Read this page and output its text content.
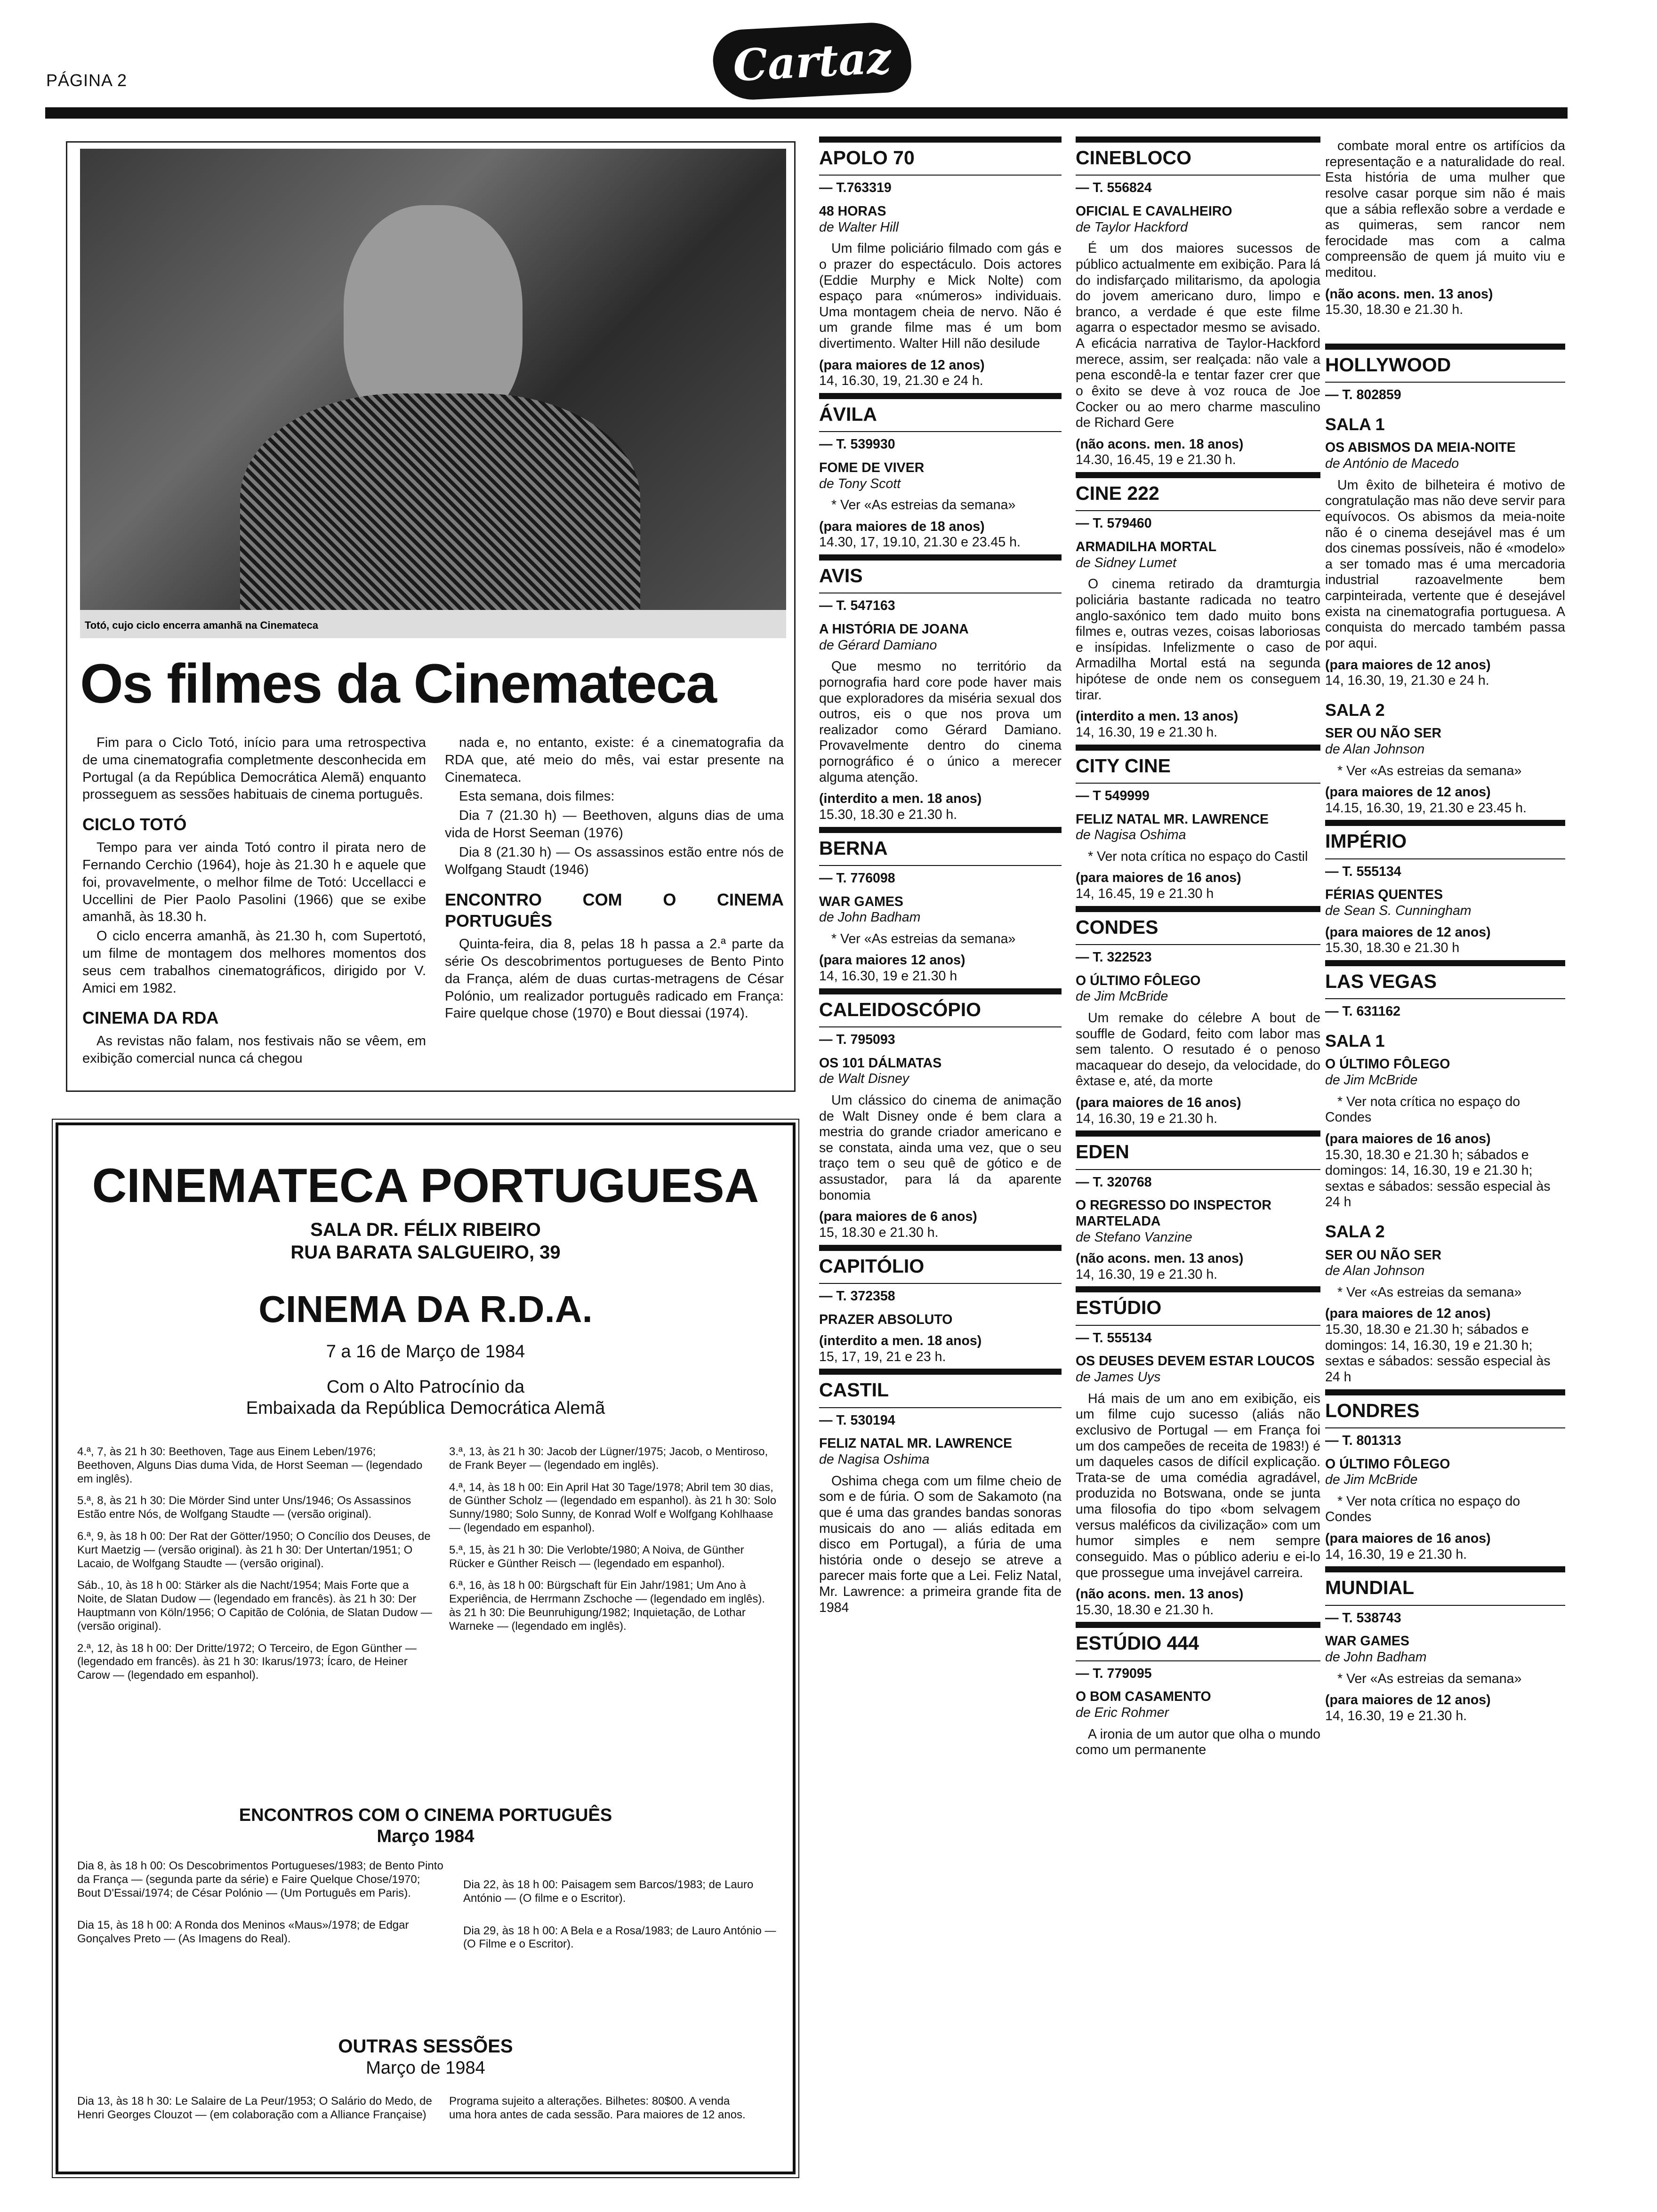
PÁGINA 2	Cartaz
Totó, cujo ciclo encerra amanhã na Cinemateca
Os filmes da Cinemateca
Fim para o Ciclo Totó, início para uma retrospectiva de uma cinematografia completmente desconhecida em Portugal (a da República Democrática Alemã) enquanto prosseguem as sessões habituais de cinema português.
CICLO TOTÓ
Tempo para ver ainda Totó contro il pirata nero de Fernando Cerchio (1964), hoje às 21.30 h e aquele que foi, provavelmente, o melhor filme de Totó: Uccellacci e Uccellini de Pier Paolo Pasolini (1966) que se exibe amanhã, às 18.30 h.
O ciclo encerra amanhã, às 21.30 h, com Supertotó, um filme de montagem dos melhores momentos dos seus cem trabalhos cinematográficos, dirigido por V. Amici em 1982.
CINEMA DA RDA
As revistas não falam, nos festivais não se vêem, em exibição comercial nunca cá chegou
nada e, no entanto, existe: é a cinematografia da RDA que, até meio do mês, vai estar presente na Cinemateca.
Esta semana, dois filmes:
Dia 7 (21.30 h) — Beethoven, alguns dias de uma vida de Horst Seeman (1976)
Dia 8 (21.30 h) — Os assassinos estão entre nós de Wolfgang Staudt (1946)
ENCONTRO COM O CINEMA PORTUGUÊS
Quinta-feira, dia 8, pelas 18 h passa a 2.ª parte da série Os descobrimentos portugueses de Bento Pinto da França, além de duas curtas-metragens de César Polónio, um realizador português radicado em França: Faire quelque chose (1970) e Bout diessai (1974).
CINEMATECA PORTUGUESA
SALA DR. FÉLIX RIBEIRO
RUA BARATA SALGUEIRO, 39
CINEMA DA R.D.A.
7 a 16 de Março de 1984
Com o Alto Patrocínio da
Embaixada da República Democrática Alemã
4.ª, 7, às 21 h 30: Beethoven, Tage aus Einem Leben/1976; Beethoven, Alguns Dias duma Vida, de Horst Seeman — (legendado em inglês).
5.ª, 8, às 21 h 30: Die Mörder Sind unter Uns/1946; Os Assassinos Estão entre Nós, de Wolfgang Staudte — (versão original).
6.ª, 9, às 18 h 00: Der Rat der Götter/1950; O Concílio dos Deuses, de Kurt Maetzig — (versão original). às 21 h 30: Der Untertan/1951; O Lacaio, de Wolfgang Staudte — (versão original).
Sáb., 10, às 18 h 00: Stärker als die Nacht/1954; Mais Forte que a Noite, de Slatan Dudow — (legendado em francês). às 21 h 30: Der Hauptmann von Köln/1956; O Capitão de Colónia, de Slatan Dudow — (versão original).
2.ª, 12, às 18 h 00: Der Dritte/1972; O Terceiro, de Egon Günther — (legendado em francês). às 21 h 30: Ikarus/1973; Ícaro, de Heiner Carow — (legendado em espanhol).
3.ª, 13, às 21 h 30: Jacob der Lügner/1975; Jacob, o Mentiroso, de Frank Beyer — (legendado em inglês).
4.ª, 14, às 18 h 00: Ein April Hat 30 Tage/1978; Abril tem 30 dias, de Günther Scholz — (legendado em espanhol). às 21 h 30: Solo Sunny/1980; Solo Sunny, de Konrad Wolf e Wolfgang Kohlhaase — (legendado em espanhol).
5.ª, 15, às 21 h 30: Die Verlobte/1980; A Noiva, de Günther Rücker e Günther Reisch — (legendado em espanhol).
6.ª, 16, às 18 h 00: Bürgschaft für Ein Jahr/1981; Um Ano à Experiência, de Herrmann Zschoche — (legendado em inglês). às 21 h 30: Die Beunruhigung/1982; Inquietação, de Lothar Warneke — (legendado em inglês).
ENCONTROS COM O CINEMA PORTUGUÊS
Março 1984
Dia 8, às 18 h 00: Os Descobrimentos Portugueses/1983; de Bento Pinto da França — (segunda parte da série) e Faire Quelque Chose/1970; Bout D'Essai/1974; de César Polónio — (Um Português em Paris).
Dia 15, às 18 h 00: A Ronda dos Meninos «Maus»/1978; de Edgar Gonçalves Preto — (As Imagens do Real).
Dia 22, às 18 h 00: Paisagem sem Barcos/1983; de Lauro António — (O filme e o Escritor).
Dia 29, às 18 h 00: A Bela e a Rosa/1983; de Lauro António — (O Filme e o Escritor).
OUTRAS SESSÕES
Março de 1984
Dia 13, às 18 h 30: Le Salaire de La Peur/1953; O Salário do Medo, de Henri Georges Clouzot — (em colaboração com a Alliance Française)
Programa sujeito a alterações. Bilhetes: 80$00. A venda uma hora antes de cada sessão. Para maiores de 12 anos.
APOLO 70
— T.763319
48 HORAS
de Walter Hill
Um filme policiário filmado com gás e o prazer do espectáculo. Dois actores (Eddie Murphy e Mick Nolte) com espaço para «números» individuais. Uma montagem cheia de nervo. Não é um grande filme mas é um bom divertimento. Walter Hill não desilude
(para maiores de 12 anos)
14, 16.30, 19, 21.30 e 24 h.
ÁVILA
— T. 539930
FOME DE VIVER
de Tony Scott
* Ver «As estreias da semana»
(para maiores de 18 anos)
14.30, 17, 19.10, 21.30 e 23.45 h.
AVIS
— T. 547163
A HISTÓRIA DE JOANA
de Gérard Damiano
Que mesmo no território da pornografia hard core pode haver mais que exploradores da miséria sexual dos outros, eis o que nos prova um realizador como Gérard Damiano. Provavelmente dentro do cinema pornográfico é o único a merecer alguma atenção.
(interdito a men. 18 anos)
15.30, 18.30 e 21.30 h.
BERNA
— T. 776098
WAR GAMES
de John Badham
* Ver «As estreias da semana»
(para maiores 12 anos)
14, 16.30, 19 e 21.30 h
CALEIDOSCÓPIO
— T. 795093
OS 101 DÁLMATAS
de Walt Disney
Um clássico do cinema de animação de Walt Disney onde é bem clara a mestria do grande criador americano e se constata, ainda uma vez, que o seu traço tem o seu quê de gótico e de assustador, para lá da aparente bonomia
(para maiores de 6 anos)
15, 18.30 e 21.30 h.
CAPITÓLIO
— T. 372358
PRAZER ABSOLUTO
(interdito a men. 18 anos)
15, 17, 19, 21 e 23 h.
CASTIL
— T. 530194
FELIZ NATAL MR. LAWRENCE
de Nagisa Oshima
Oshima chega com um filme cheio de som e de fúria. O som de Sakamoto (na que é uma das grandes bandas sonoras musicais do ano — aliás editada em disco em Portugal), a fúria de uma história onde o desejo se atreve a parecer mais forte que a Lei. Feliz Natal, Mr. Lawrence: a primeira grande fita de 1984
CINEBLOCO
— T. 556824
OFICIAL E CAVALHEIRO
de Taylor Hackford
É um dos maiores sucessos de público actualmente em exibição. Para lá do indisfarçado militarismo, da apologia do jovem americano duro, limpo e branco, a verdade é que este filme agarra o espectador mesmo se avisado. A eficácia narrativa de Taylor-Hackford merece, assim, ser realçada: não vale a pena escondê-la e tentar fazer crer que o êxito se deve à voz rouca de Joe Cocker ou ao mero charme masculino de Richard Gere
(não acons. men. 18 anos)
14.30, 16.45, 19 e 21.30 h.
CINE 222
— T. 579460
ARMADILHA MORTAL
de Sidney Lumet
O cinema retirado da dramturgia policiária bastante radicada no teatro anglo-saxónico tem dado muito bons filmes e, outras vezes, coisas laboriosas e insípidas. Infelizmente o caso de Armadilha Mortal está na segunda hipótese de onde nem os conseguem tirar.
(interdito a men. 13 anos)
14, 16.30, 19 e 21.30 h.
CITY CINE
— T 549999
FELIZ NATAL MR. LAWRENCE
de Nagisa Oshima
* Ver nota crítica no espaço do Castil
(para maiores de 16 anos)
14, 16.45, 19 e 21.30 h
CONDES
— T. 322523
O ÚLTIMO FÔLEGO
de Jim McBride
Um remake do célebre A bout de souffle de Godard, feito com labor mas sem talento. O resutado é o penoso macaquear do desejo, da velocidade, do êxtase e, até, da morte
(para maiores de 16 anos)
14, 16.30, 19 e 21.30 h.
EDEN
— T. 320768
O REGRESSO DO INSPECTOR MARTELADA
de Stefano Vanzine
(não acons. men. 13 anos)
14, 16.30, 19 e 21.30 h.
ESTÚDIO
— T. 555134
OS DEUSES DEVEM ESTAR LOUCOS
de James Uys
Há mais de um ano em exibição, eis um filme cujo sucesso (aliás não exclusivo de Portugal — em França foi um dos campeões de receita de 1983!) é um daqueles casos de difícil explicação. Trata-se de uma comédia agradável, produzida no Botswana, onde se junta uma filosofia do tipo «bom selvagem versus maléficos da civilização» com um humor simples e nem sempre conseguido. Mas o público aderiu e ei-lo que prossegue uma invejável carreira.
(não acons. men. 13 anos)
15.30, 18.30 e 21.30 h.
ESTÚDIO 444
— T. 779095
O BOM CASAMENTO
de Eric Rohmer
A ironia de um autor que olha o mundo como um permanente
combate moral entre os artifícios da representação e a naturalidade do real. Esta história de uma mulher que resolve casar porque sim não é mais que a sábia reflexão sobre a verdade e as quimeras, sem rancor nem ferocidade mas com a calma compreensão de quem já muito viu e meditou.
(não acons. men. 13 anos)
15.30, 18.30 e 21.30 h.
HOLLYWOOD
— T. 802859
SALA 1
OS ABISMOS DA MEIA-NOITE
de António de Macedo
Um êxito de bilheteira é motivo de congratulação mas não deve servir para equívocos. Os abismos da meia-noite não é o cinema desejável mas é um dos cinemas possíveis, não é «modelo» a ser tomado mas é uma mercadoria industrial razoavelmente bem carpinteirada, vertente que é desejável exista na cinematografia portuguesa. A conquista do mercado também passa por aqui.
(para maiores de 12 anos)
14, 16.30, 19, 21.30 e 24 h.
SALA 2
SER OU NÃO SER
de Alan Johnson
* Ver «As estreias da semana»
(para maiores de 12 anos)
14.15, 16.30, 19, 21.30 e 23.45 h.
IMPÉRIO
— T. 555134
FÉRIAS QUENTES
de Sean S. Cunningham
(para maiores de 12 anos)
15.30, 18.30 e 21.30 h
LAS VEGAS
— T. 631162
SALA 1
O ÚLTIMO FÔLEGO
de Jim McBride
* Ver nota crítica no espaço do Condes
(para maiores de 16 anos)
15.30, 18.30 e 21.30 h; sábados e domingos: 14, 16.30, 19 e 21.30 h; sextas e sábados: sessão especial às 24 h
SALA 2
SER OU NÃO SER
de Alan Johnson
* Ver «As estreias da semana»
(para maiores de 12 anos)
15.30, 18.30 e 21.30 h; sábados e domingos: 14, 16.30, 19 e 21.30 h; sextas e sábados: sessão especial às 24 h
LONDRES
— T. 801313
O ÚLTIMO FÔLEGO
de Jim McBride
* Ver nota crítica no espaço do Condes
(para maiores de 16 anos)
14, 16.30, 19 e 21.30 h.
MUNDIAL
— T. 538743
WAR GAMES
de John Badham
* Ver «As estreias da semana»
(para maiores de 12 anos)
14, 16.30, 19 e 21.30 h.
